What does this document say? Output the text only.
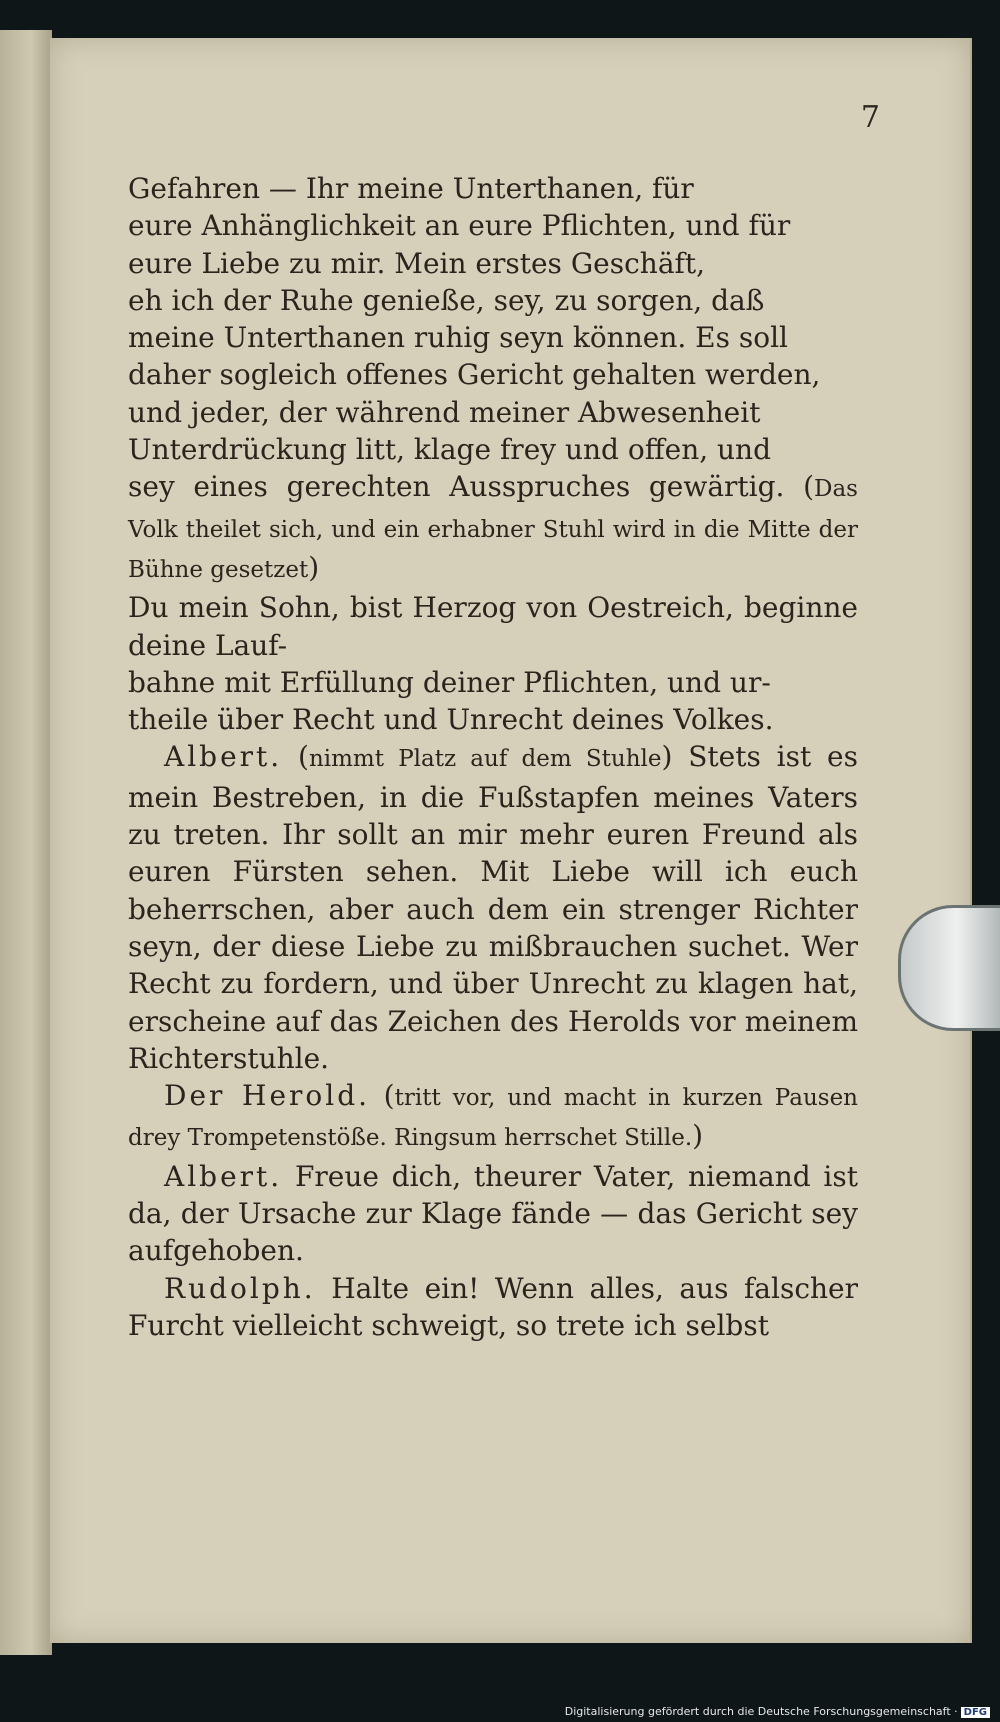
7

Gefahren — Ihr meine Unterthanen, für

eure Anhänglichkeit an eure Pflichten, und für

eure Liebe zu mir. Mein erstes Geschäft,

eh ich der Ruhe genieße, sey, zu sorgen, daß

meine Unterthanen ruhig seyn können. Es soll

daher sogleich offenes Gericht gehalten werden,

und jeder, der während meiner Abwesenheit

Unterdrückung litt, klage frey und offen, und

sey eines gerechten Ausspruches gewärtig. (Das Volk theilet sich, und ein erhabner Stuhl wird in die Mitte der Bühne gesetzet)

Du mein Sohn, bist Herzog von Oestreich, beginne deine Lauf-

bahne mit Erfüllung deiner Pflichten, und ur-

theile über Recht und Unrecht deines Volkes.

Albert. (nimmt Platz auf dem Stuhle) Stets ist es mein Bestreben, in die Fußstapfen meines Vaters zu treten. Ihr sollt an mir mehr euren Freund als euren Fürsten sehen. Mit Liebe will ich euch beherrschen, aber auch dem ein strenger Richter seyn, der diese Liebe zu mißbrauchen suchet. Wer Recht zu fordern, und über Unrecht zu klagen hat, erscheine auf das Zeichen des Herolds vor meinem Richterstuhle.

Der Herold. (tritt vor, und macht in kurzen Pausen drey Trompetenstöße. Ringsum herrschet Stille.)

Albert. Freue dich, theurer Vater, niemand ist da, der Ursache zur Klage fände — das Gericht sey aufgehoben.

Rudolph. Halte ein! Wenn alles, aus falscher Furcht vielleicht schweigt, so trete ich selbst

Digitalisierung gefördert durch die Deutsche Forschungsgemeinschaft · DFG
